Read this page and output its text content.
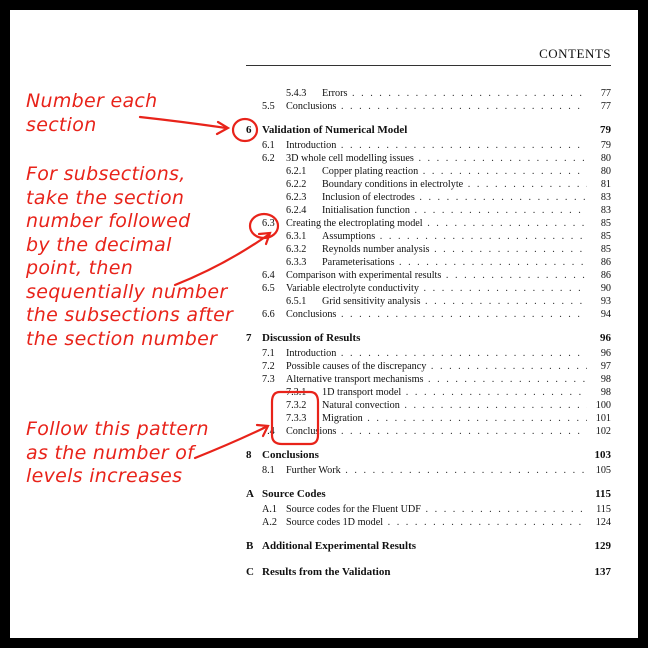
CONTENTS
5.4.3 Errors . . .	77
5.5 Conclusions . . .	77
6 Validation of Numerical Model	79
6.1 Introduction . . .	79
6.2 3D whole cell modelling issues . . .	80
6.2.1 Copper plating reaction . . .	80
6.2.2 Boundary conditions in electrolyte . . .	81
6.2.3 Inclusion of electrodes . . .	83
6.2.4 Initialisation function . . .	83
6.3 Creating the electroplating model . . .	85
6.3.1 Assumptions . . .	85
6.3.2 Reynolds number analysis . . .	85
6.3.3 Parameterisations . . .	86
6.4 Comparison with experimental results . . .	86
6.5 Variable electrolyte conductivity . . .	90
6.5.1 Grid sensitivity analysis . . .	93
6.6 Conclusions . . .	94
7 Discussion of Results	96
7.1 Introduction . . .	96
7.2 Possible causes of the discrepancy . . .	97
7.3 Alternative transport mechanisms . . .	98
7.3.1 1D transport model . . .	98
7.3.2 Natural convection . . .	100
7.3.3 Migration . . .	101
7.4 Conclusions . . .	102
8 Conclusions	103
8.1 Further Work . . .	105
A Source Codes	115
A.1 Source codes for the Fluent UDF . . .	115
A.2 Source codes 1D model . . .	124
B Additional Experimental Results	129
C Results from the Validation	137
Number each
section
For subsections,
take the section
number followed
by the decimal
point, then
sequentially number
the subsections after
the section number
Follow this pattern
as the number of
levels increases
